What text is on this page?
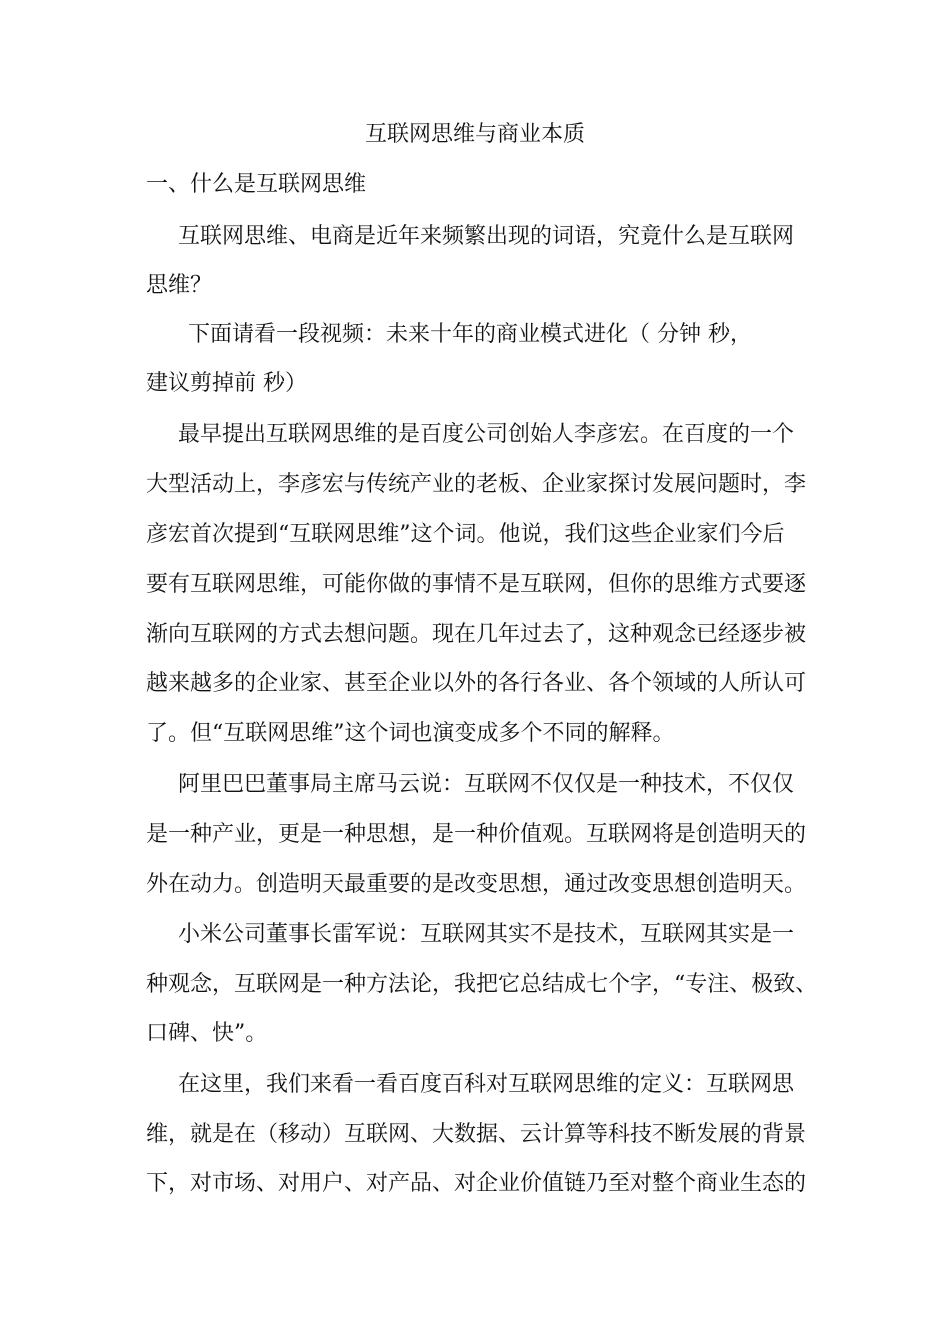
互联网思维与商业本质
一、什么是互联网思维
互联网思维、电商是近年来频繁出现的词语，究竟什么是互联网
思维？
下面请看一段视频：未来十年的商业模式进化（ 分钟 秒，
建议剪掉前 秒）
最早提出互联网思维的是百度公司创始人李彦宏。在百度的一个
大型活动上，李彦宏与传统产业的老板、企业家探讨发展问题时，李
彦宏首次提到“互联网思维”这个词。他说，我们这些企业家们今后
要有互联网思维，可能你做的事情不是互联网，但你的思维方式要逐
渐向互联网的方式去想问题。现在几年过去了，这种观念已经逐步被
越来越多的企业家、甚至企业以外的各行各业、各个领域的人所认可
了。但“互联网思维”这个词也演变成多个不同的解释。
阿里巴巴董事局主席马云说：互联网不仅仅是一种技术，不仅仅
是一种产业，更是一种思想，是一种价值观。互联网将是创造明天的
外在动力。创造明天最重要的是改变思想，通过改变思想创造明天。
小米公司董事长雷军说：互联网其实不是技术，互联网其实是一
种观念，互联网是一种方法论，我把它总结成七个字，“专注、极致、
口碑、快”。
在这里，我们来看一看百度百科对互联网思维的定义：互联网思
维，就是在（移动）互联网、大数据、云计算等科技不断发展的背景
下，对市场、对用户、对产品、对企业价值链乃至对整个商业生态的
